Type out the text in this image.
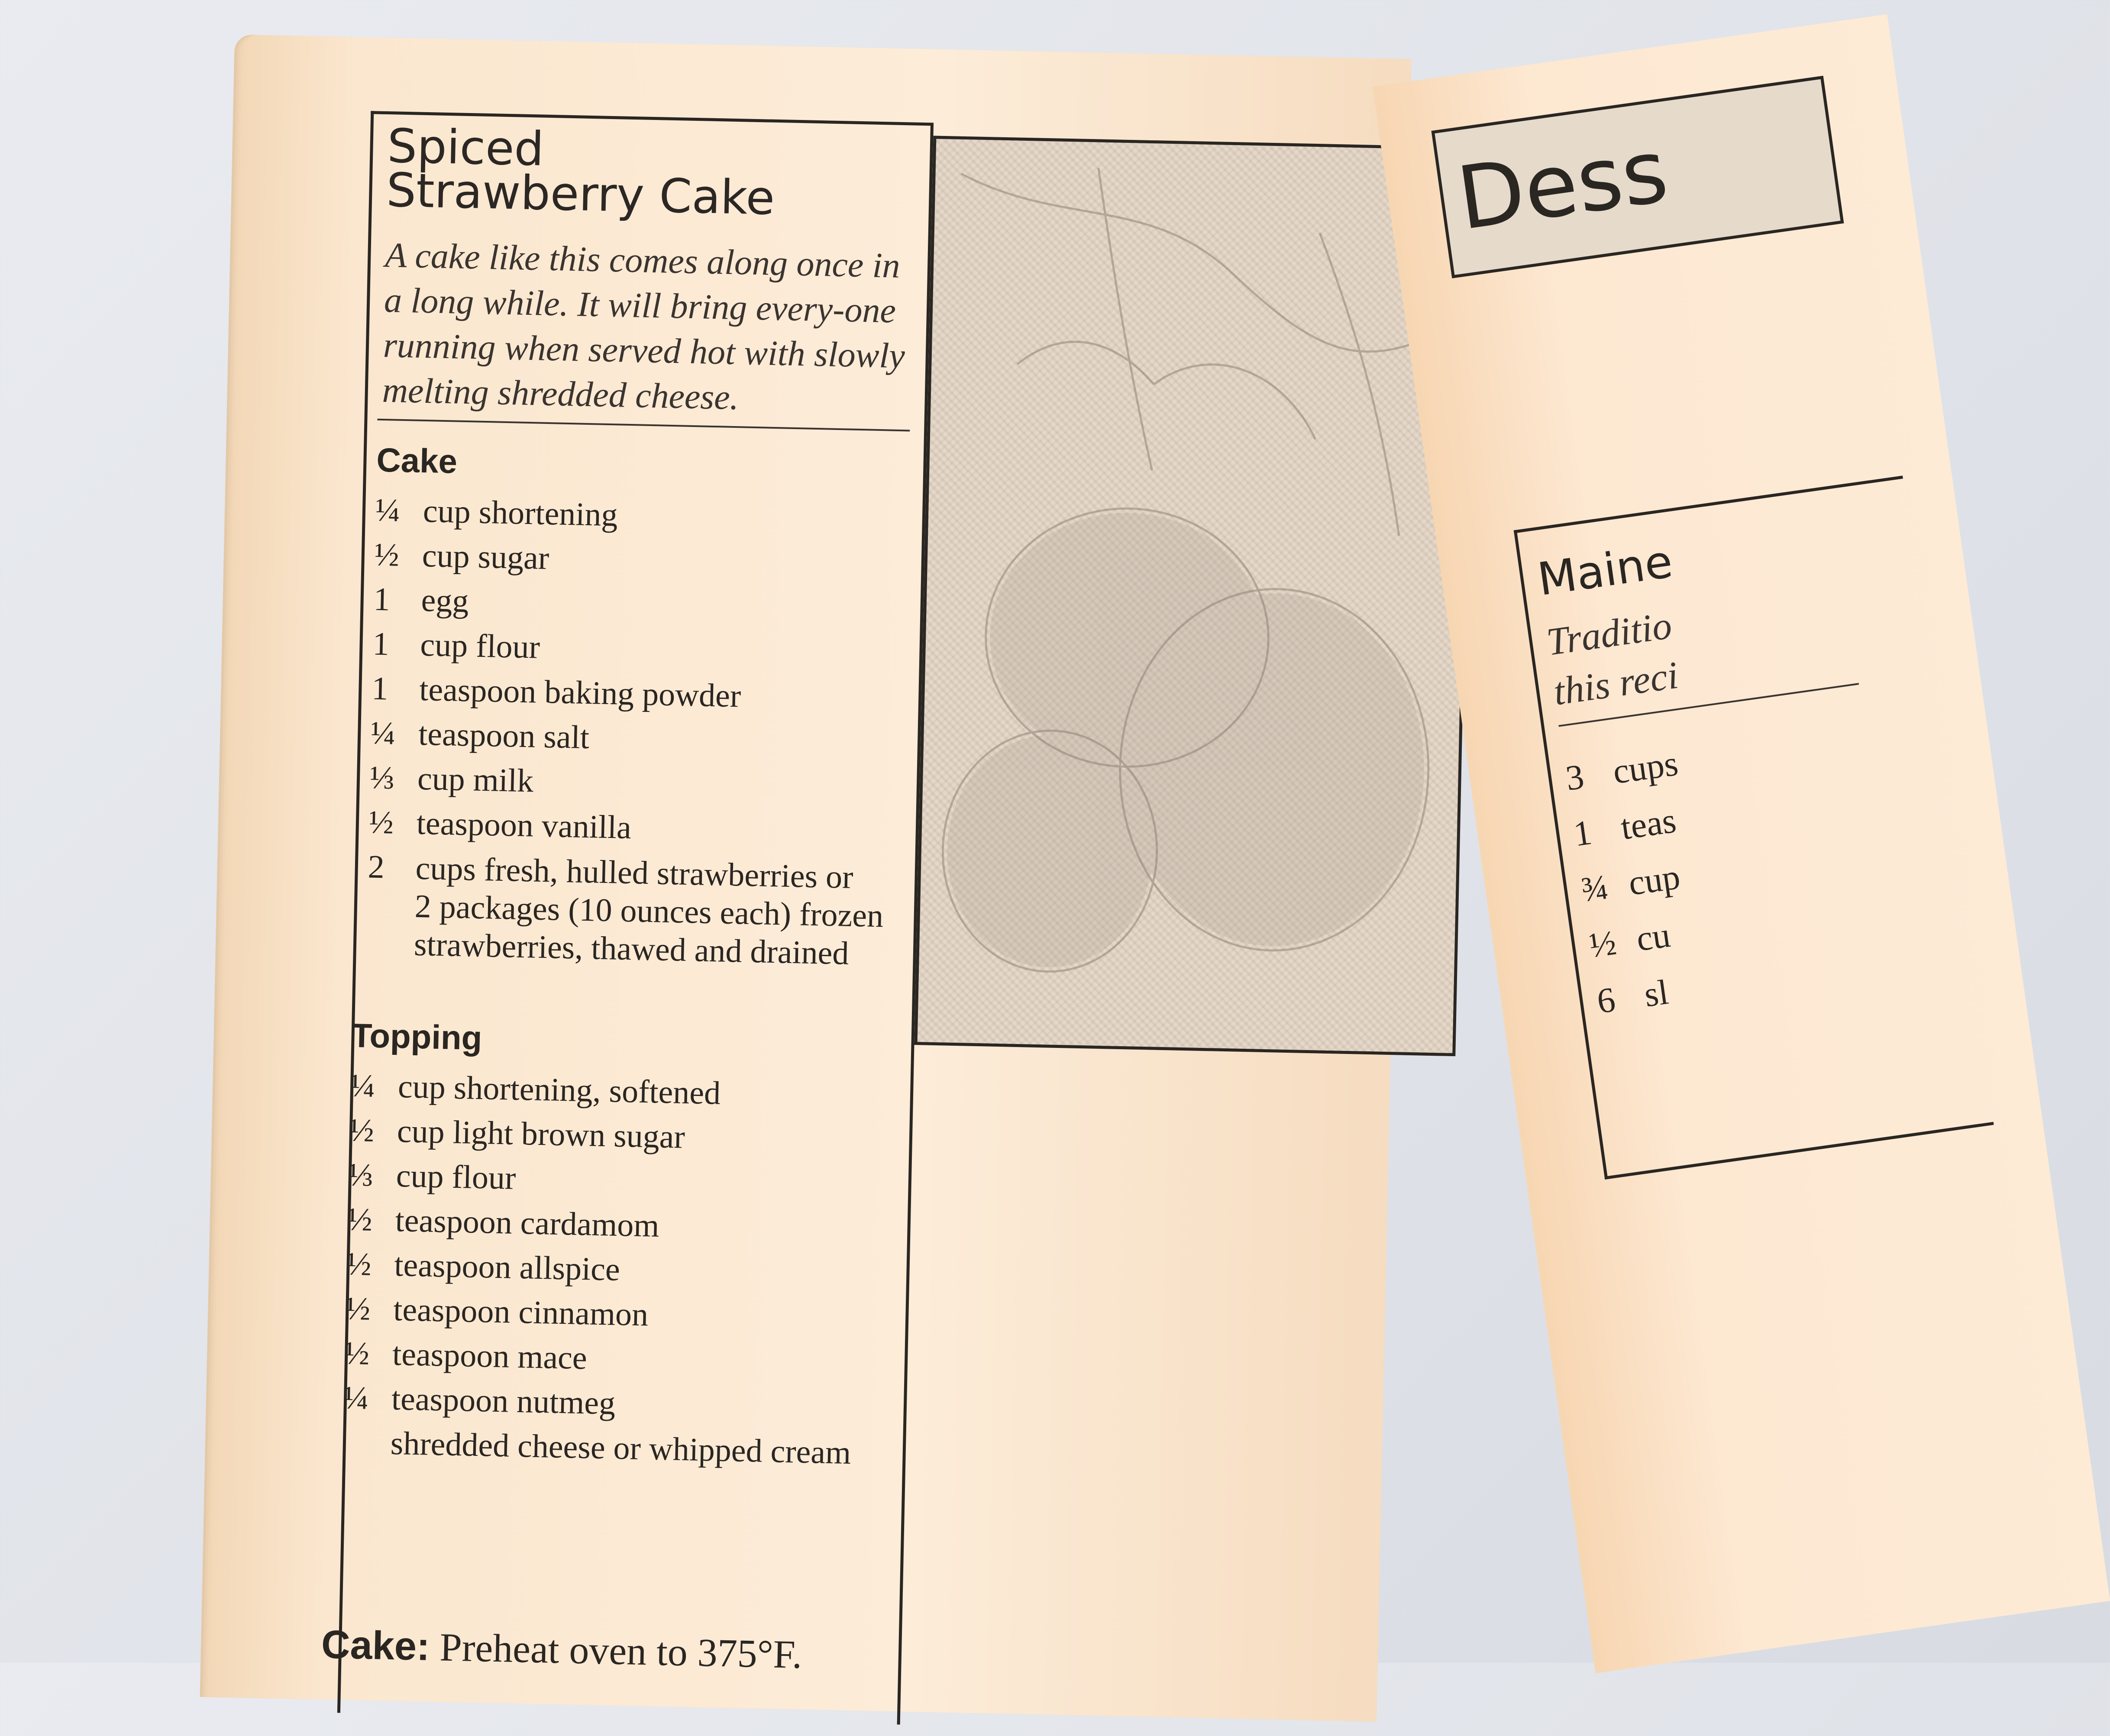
Spiced
Strawberry Cake
A cake like this comes along once in a long while. It will bring every-one running when served hot with slowly melting shredded cheese.
Cake
¼ cup shortening
½ cup sugar
1 egg
1 cup flour
1 teaspoon baking powder
¼ teaspoon salt
⅓ cup milk
½ teaspoon vanilla
2 cups fresh, hulled strawberries or
2 packages (10 ounces each) frozen
strawberries, thawed and drained
Topping
¼ cup shortening, softened
½ cup light brown sugar
⅓ cup flour
½ teaspoon cardamom
½ teaspoon allspice
½ teaspoon cinnamon
½ teaspoon mace
¼ teaspoon nutmeg
shredded cheese or whipped cream
Cake: Preheat oven to 375°F.
Dess
Maine
Traditio
this reci
3 cups
1 teas
¾ cup
½ cu
6 sl
